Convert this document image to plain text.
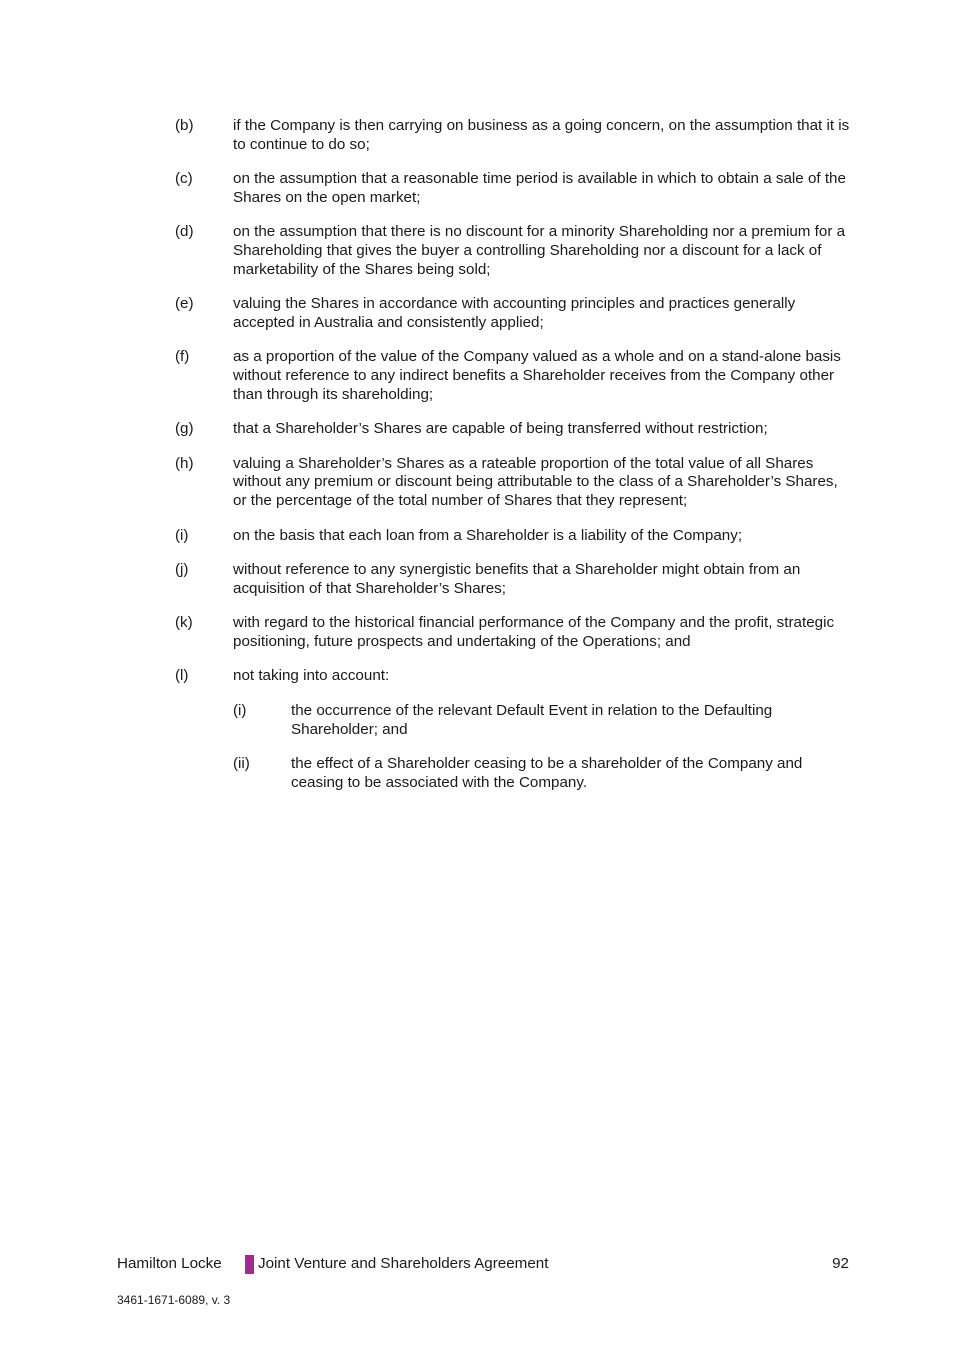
(b)	if the Company is then carrying on business as a going concern, on the assumption that it is to continue to do so;
(c)	on the assumption that a reasonable time period is available in which to obtain a sale of the Shares on the open market;
(d)	on the assumption that there is no discount for a minority Shareholding nor a premium for a Shareholding that gives the buyer a controlling Shareholding nor a discount for a lack of marketability of the Shares being sold;
(e)	valuing the Shares in accordance with accounting principles and practices generally accepted in Australia and consistently applied;
(f)	as a proportion of the value of the Company valued as a whole and on a stand-alone basis without reference to any indirect benefits a Shareholder receives from the Company other than through its shareholding;
(g)	that a Shareholder’s Shares are capable of being transferred without restriction;
(h)	valuing a Shareholder’s Shares as a rateable proportion of the total value of all Shares without any premium or discount being attributable to the class of a Shareholder’s Shares, or the percentage of the total number of Shares that they represent;
(i)	on the basis that each loan from a Shareholder is a liability of the Company;
(j)	without reference to any synergistic benefits that a Shareholder might obtain from an acquisition of that Shareholder’s Shares;
(k)	with regard to the historical financial performance of the Company and the profit, strategic positioning, future prospects and undertaking of the Operations; and
(l)	not taking into account:
(i)	the occurrence of the relevant Default Event in relation to the Defaulting Shareholder; and
(ii)	the effect of a Shareholder ceasing to be a shareholder of the Company and ceasing to be associated with the Company.
Hamilton Locke Joint Venture and Shareholders Agreement	92
3461-1671-6089, v. 3
